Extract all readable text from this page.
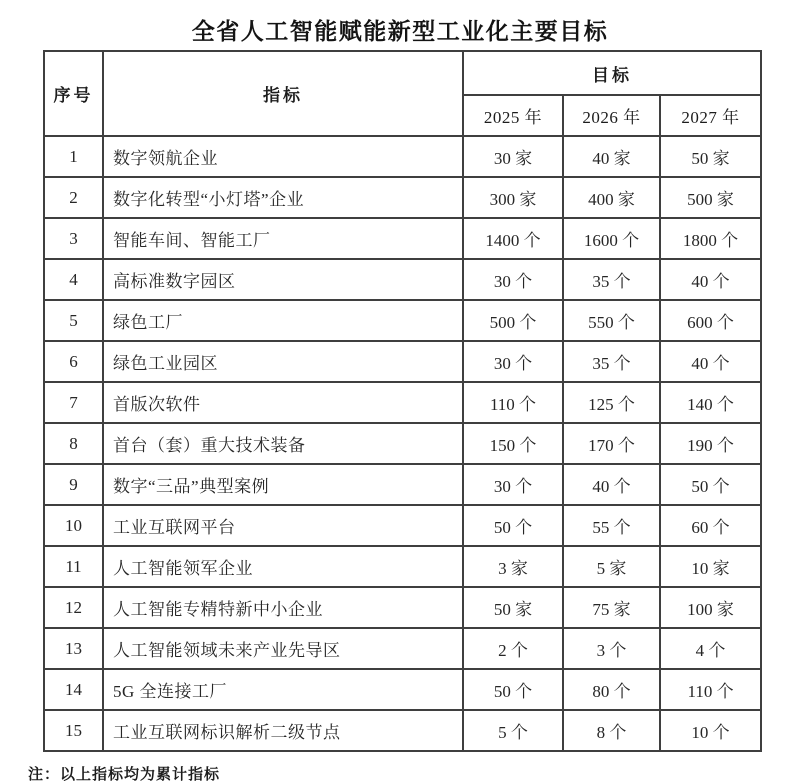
全省人工智能赋能新型工业化主要目标
序号	指标	目标		
		2025 年	2026 年	2027 年
1	数字领航企业	30 家	40 家	50 家
2	数字化转型“小灯塔”企业	300 家	400 家	500 家
3	智能车间、智能工厂	1400 个	1600 个	1800 个
4	高标准数字园区	30 个	35 个	40 个
5	绿色工厂	500 个	550 个	600 个
6	绿色工业园区	30 个	35 个	40 个
7	首版次软件	110 个	125 个	140 个
8	首台（套）重大技术装备	150 个	170 个	190 个
9	数字“三品”典型案例	30 个	40 个	50 个
10	工业互联网平台	50 个	55 个	60 个
11	人工智能领军企业	3 家	5 家	10 家
12	人工智能专精特新中小企业	50 家	75 家	100 家
13	人工智能领域未来产业先导区	2 个	3 个	4 个
14	5G 全连接工厂	50 个	80 个	110 个
15	工业互联网标识解析二级节点	5 个	8 个	10 个
注：以上指标均为累计指标
